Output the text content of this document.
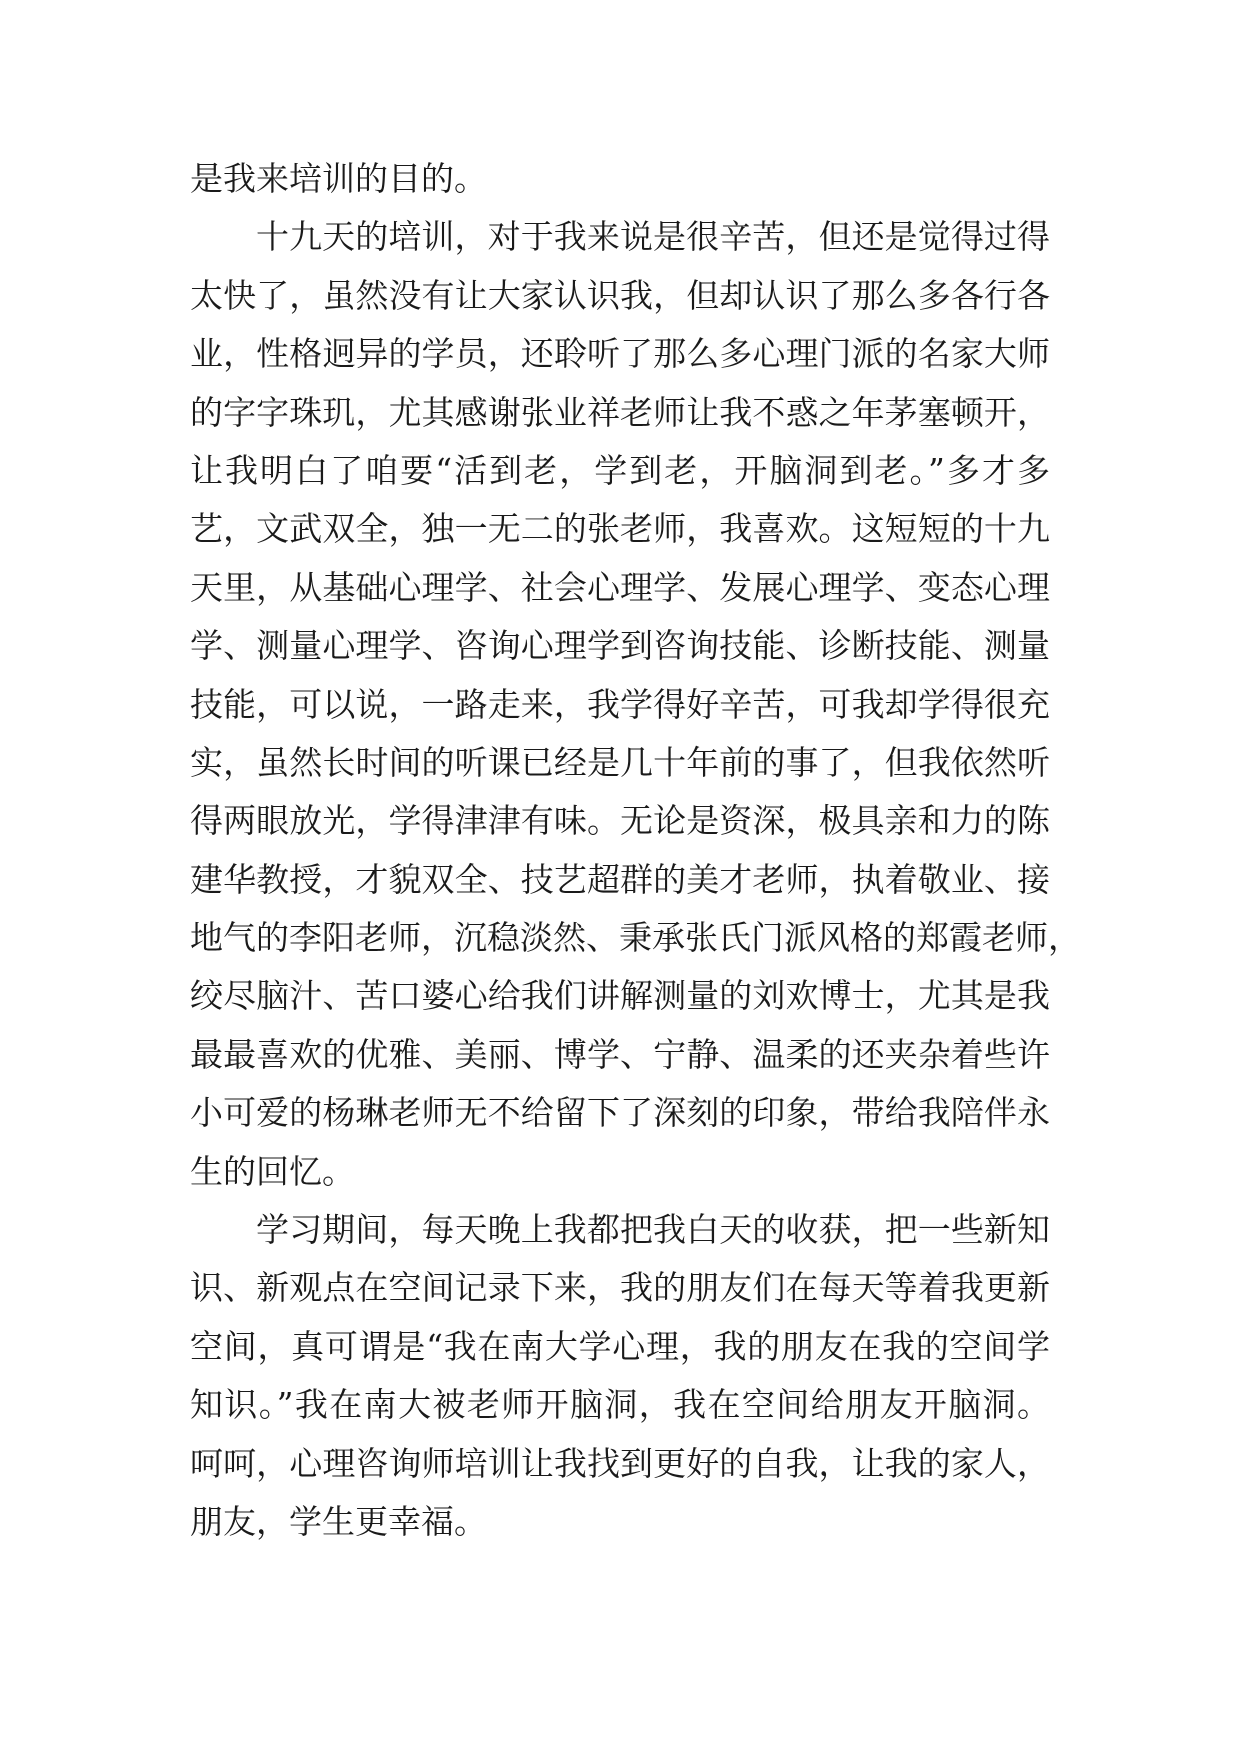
是我来培训的目的。
十九天的培训，对于我来说是很辛苦，但还是觉得过得
太快了，虽然没有让大家认识我，但却认识了那么多各行各
业，性格迥异的学员，还聆听了那么多心理门派的名家大师
的字字珠玑，尤其感谢张业祥老师让我不惑之年茅塞顿开，
让我明白了咱要“活到老，学到老，开脑洞到老。”多才多
艺，文武双全，独一无二的张老师，我喜欢。这短短的十九
天里，从基础心理学、社会心理学、发展心理学、变态心理
学、测量心理学、咨询心理学到咨询技能、诊断技能、测量
技能，可以说，一路走来，我学得好辛苦，可我却学得很充
实，虽然长时间的听课已经是几十年前的事了，但我依然听
得两眼放光，学得津津有味。无论是资深，极具亲和力的陈
建华教授，才貌双全、技艺超群的美才老师，执着敬业、接
地气的李阳老师，沉稳淡然、秉承张氏门派风格的郑霞老师，
绞尽脑汁、苦口婆心给我们讲解测量的刘欢博士，尤其是我
最最喜欢的优雅、美丽、博学、宁静、温柔的还夹杂着些许
小可爱的杨琳老师无不给留下了深刻的印象，带给我陪伴永
生的回忆。
学习期间，每天晚上我都把我白天的收获，把一些新知
识、新观点在空间记录下来，我的朋友们在每天等着我更新
空间，真可谓是“我在南大学心理，我的朋友在我的空间学
知识。”我在南大被老师开脑洞，我在空间给朋友开脑洞。
呵呵，心理咨询师培训让我找到更好的自我，让我的家人，
朋友，学生更幸福。
